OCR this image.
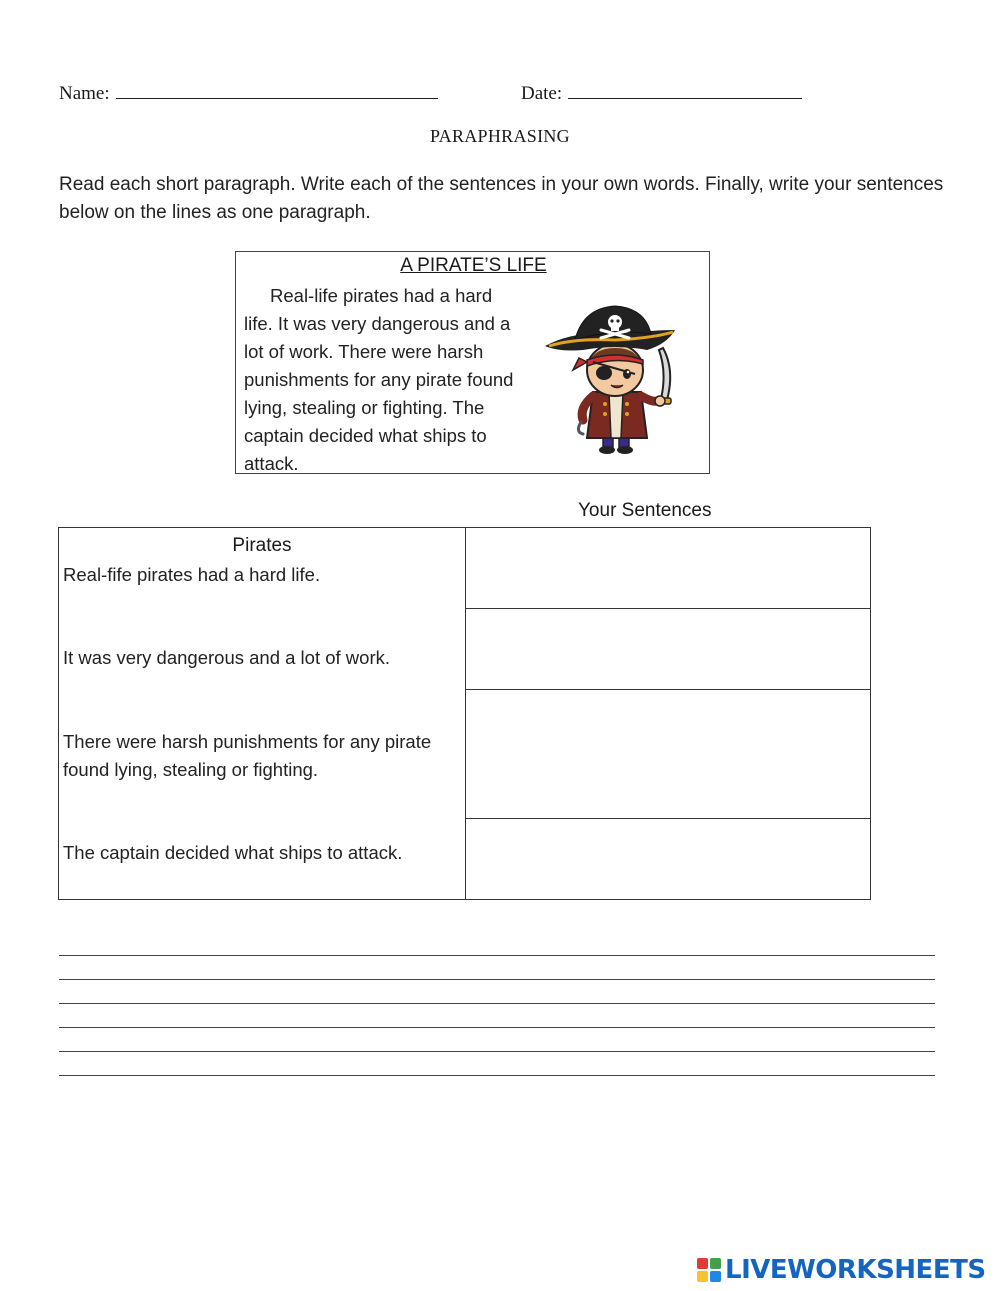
Name:	Date:
PARAPHRASING
Read each short paragraph. Write each of the sentences in your own words. Finally, write your sentences below on the lines as one paragraph.
A PIRATE’S LIFE
Real-life pirates had a hard life. It was very dangerous and a lot of work. There were harsh punishments for any pirate found lying, stealing or fighting. The captain decided what ships to attack.
Your Sentences
Pirates
Real-fife pirates had a hard life.
It was very dangerous and a lot of work.
There were harsh punishments for any pirate found lying, stealing or fighting.
The captain decided what ships to attack.
LIVEWORKSHEETS
